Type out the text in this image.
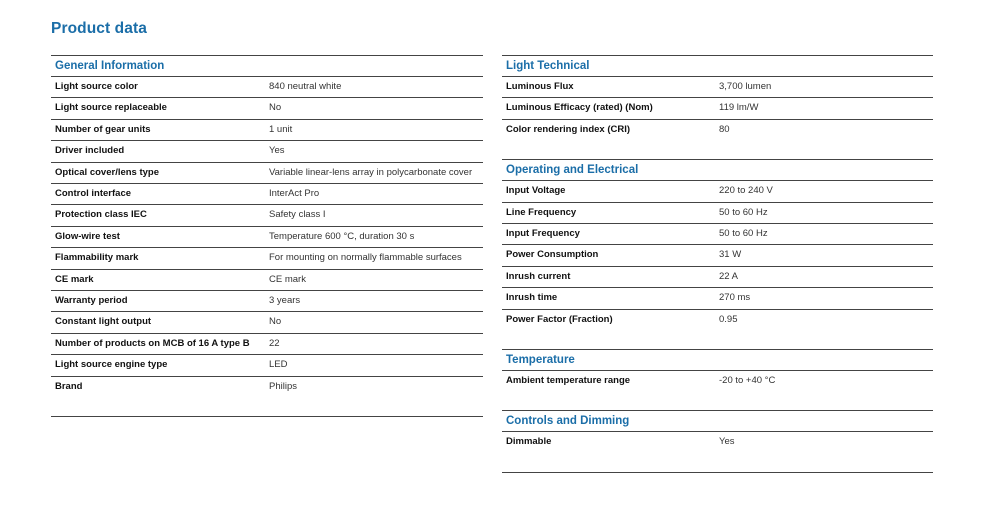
Product data
General Information
Light source color	840 neutral white
Light source replaceable	No
Number of gear units	1 unit
Driver included	Yes
Optical cover/lens type	Variable linear-lens array in polycarbonate cover
Control interface	InterAct Pro
Protection class IEC	Safety class I
Glow-wire test	Temperature 600 °C, duration 30 s
Flammability mark	For mounting on normally flammable surfaces
CE mark	CE mark
Warranty period	3 years
Constant light output	No
Number of products on MCB of 16 A type B	22
Light source engine type	LED
Brand	Philips
Light Technical
Luminous Flux	3,700 lumen
Luminous Efficacy (rated) (Nom)	119 lm/W
Color rendering index (CRI)	80
Operating and Electrical
Input Voltage	220 to 240 V
Line Frequency	50 to 60 Hz
Input Frequency	50 to 60 Hz
Power Consumption	31 W
Inrush current	22 A
Inrush time	270 ms
Power Factor (Fraction)	0.95
Temperature
Ambient temperature range	-20 to +40 °C
Controls and Dimming
Dimmable	Yes
